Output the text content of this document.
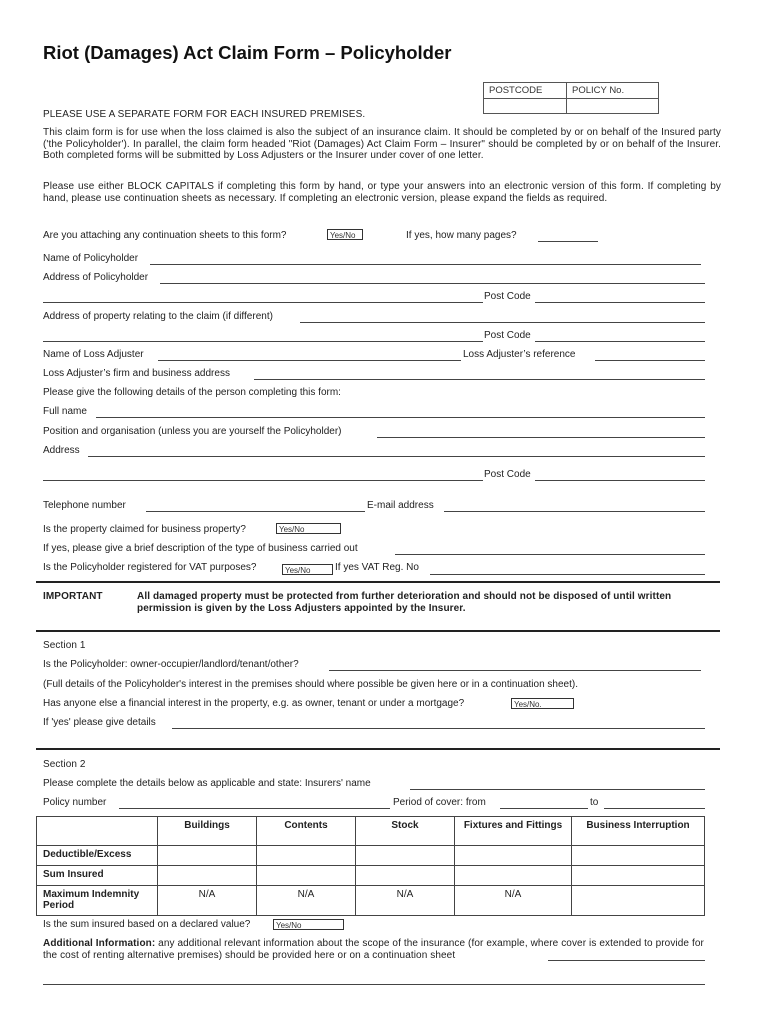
Riot (Damages) Act Claim Form – Policyholder
POSTCODE	POLICY No.

PLEASE USE A SEPARATE FORM FOR EACH INSURED PREMISES.
This claim form is for use when the loss claimed is also the subject of an insurance claim. It should be completed by or on behalf of the Insured party ('the Policyholder'). In parallel, the claim form headed "Riot (Damages) Act Claim Form – Insurer" should be completed by or on behalf of the Insurer. Both completed forms will be submitted by Loss Adjusters or the Insurer under cover of one letter.
Please use either BLOCK CAPITALS if completing this form by hand, or type your answers into an electronic version of this form. If completing by hand, please use continuation sheets as necessary. If completing an electronic version, please expand the fields as required.
Are you attaching any continuation sheets to this form?	Yes/No	If yes, how many pages?
Name of Policyholder
Address of Policyholder
Post Code
Address of property relating to the claim (if different)
Post Code
Name of Loss Adjuster	Loss Adjuster’s reference
Loss Adjuster’s firm and business address
Please give the following details of the person completing this form:
Full name
Position and organisation (unless you are yourself the Policyholder)
Address
Post Code
Telephone number	E-mail address
Is the property claimed for business property?	Yes/No
If yes, please give a brief description of the type of business carried out
Is the Policyholder registered for VAT purposes?	Yes/No	If yes VAT Reg. No
IMPORTANT	All damaged property must be protected from further deterioration and should not be disposed of until written permission is given by the Loss Adjusters appointed by the Insurer.
Section 1
Is the Policyholder: owner-occupier/landlord/tenant/other?
(Full details of the Policyholder's interest in the premises should where possible be given here or in a continuation sheet).
Has anyone else a financial interest in the property, e.g. as owner, tenant or under a mortgage?	Yes/No.
If 'yes' please give details
Section 2
Please complete the details below as applicable and state: Insurers' name
Policy number	Period of cover: from	to
	Buildings	Contents	Stock	Fixtures and Fittings	Business Interruption
Deductible/Excess					
Sum Insured					
Maximum Indemnity Period	N/A	N/A	N/A	N/A	
Is the sum insured based on a declared value?	Yes/No
Additional Information: any additional relevant information about the scope of the insurance (for example, where cover is extended to provide for the cost of renting alternative premises) should be provided here or on a continuation sheet
